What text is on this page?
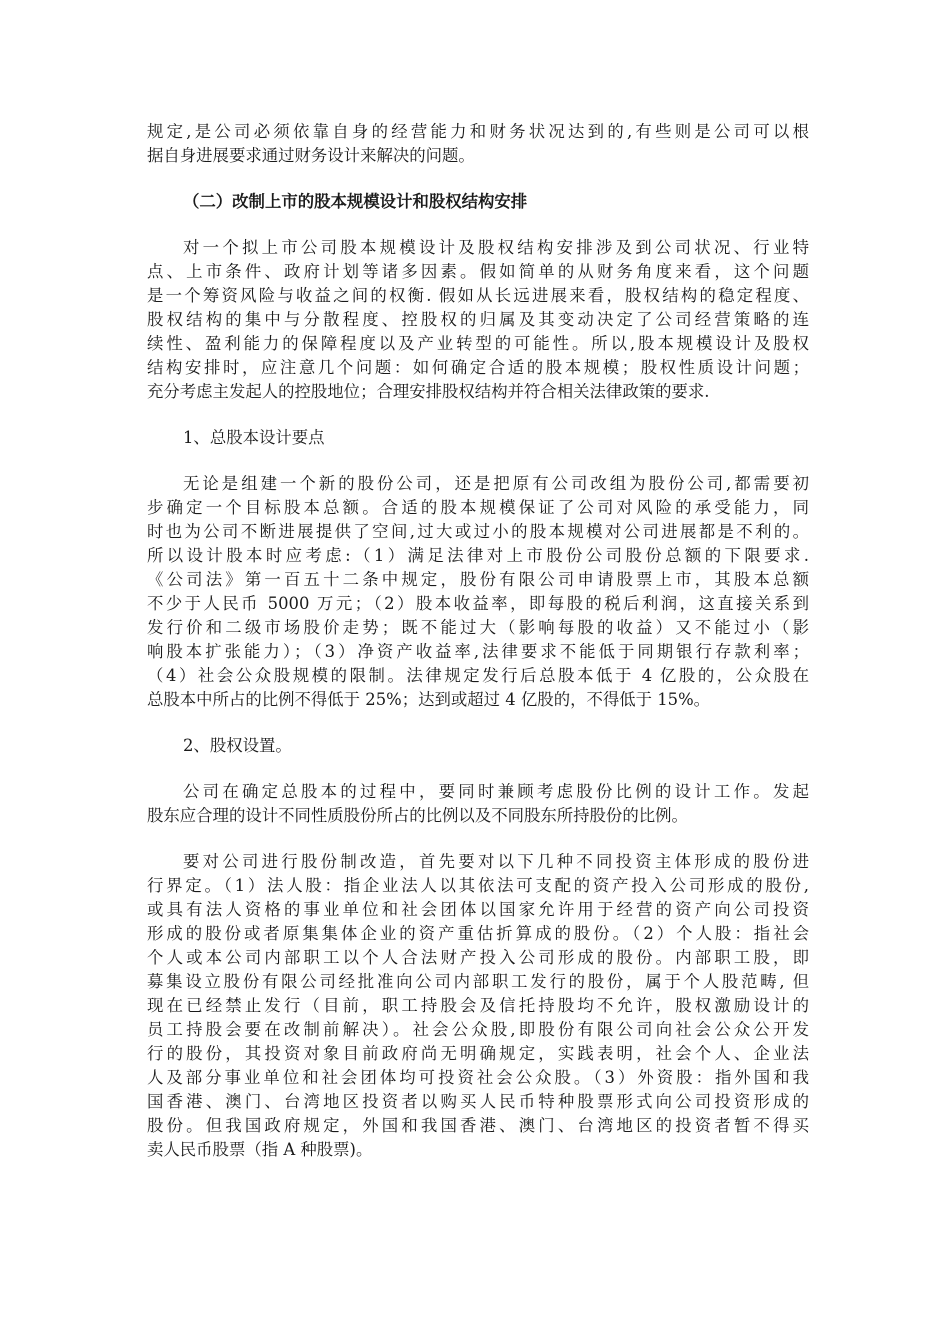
规定,是公司必须依靠自身的经营能力和财务状况达到的,有些则是公司可以根
据自身进展要求通过财务设计来解决的问题。
（二）改制上市的股本规模设计和股权结构安排
对一个拟上市公司股本规模设计及股权结构安排涉及到公司状况、行业特
点、上市条件、政府计划等诸多因素。假如简单的从财务角度来看，这个问题
是一个筹资风险与收益之间的权衡. 假如从长远进展来看，股权结构的稳定程度、
股权结构的集中与分散程度、控股权的归属及其变动决定了公司经营策略的连
续性、盈利能力的保障程度以及产业转型的可能性。所以,股本规模设计及股权
结构安排时，应注意几个问题：如何确定合适的股本规模；股权性质设计问题；
充分考虑主发起人的控股地位；合理安排股权结构并符合相关法律政策的要求.
1、总股本设计要点
无论是组建一个新的股份公司，还是把原有公司改组为股份公司,都需要初
步确定一个目标股本总额。合适的股本规模保证了公司对风险的承受能力，同
时也为公司不断进展提供了空间,过大或过小的股本规模对公司进展都是不利的。
所以设计股本时应考虑:（1）满足法律对上市股份公司股份总额的下限要求.
《公司法》第一百五十二条中规定，股份有限公司申请股票上市，其股本总额
不少于人民币 5000 万元；（2）股本收益率，即每股的税后利润，这直接关系到
发行价和二级市场股价走势；既不能过大（影响每股的收益）又不能过小（影
响股本扩张能力）；（3）净资产收益率,法律要求不能低于同期银行存款利率；
（4）社会公众股规模的限制。法律规定发行后总股本低于 4 亿股的，公众股在
总股本中所占的比例不得低于 25%；达到或超过 4 亿股的，不得低于 15%。
2、股权设置。
公司在确定总股本的过程中，要同时兼顾考虑股份比例的设计工作。发起
股东应合理的设计不同性质股份所占的比例以及不同股东所持股份的比例。
要对公司进行股份制改造，首先要对以下几种不同投资主体形成的股份进
行界定。（1）法人股：指企业法人以其依法可支配的资产投入公司形成的股份,
或具有法人资格的事业单位和社会团体以国家允许用于经营的资产向公司投资
形成的股份或者原集集体企业的资产重估折算成的股份。（2）个人股：指社会
个人或本公司内部职工以个人合法财产投入公司形成的股份。内部职工股，即
募集设立股份有限公司经批准向公司内部职工发行的股份，属于个人股范畴, 但
现在已经禁止发行（目前，职工持股会及信托持股均不允许，股权激励设计的
员工持股会要在改制前解决）。社会公众股,即股份有限公司向社会公众公开发
行的股份，其投资对象目前政府尚无明确规定，实践表明，社会个人、企业法
人及部分事业单位和社会团体均可投资社会公众股。（3）外资股：指外国和我
国香港、澳门、台湾地区投资者以购买人民币特种股票形式向公司投资形成的
股份。但我国政府规定，外国和我国香港、澳门、台湾地区的投资者暂不得买
卖人民币股票（指 A 种股票)。
